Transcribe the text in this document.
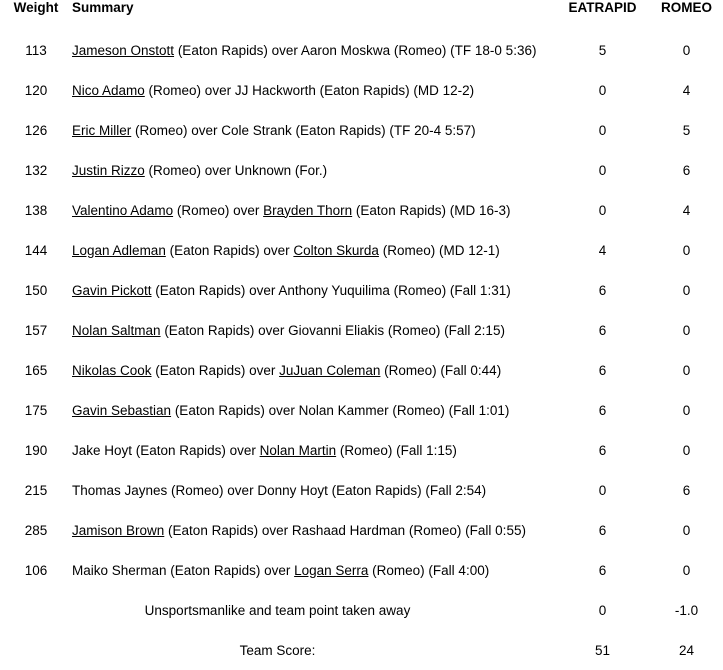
Weight	Summary	EATRAPID	ROMEO
113	Jameson Onstott (Eaton Rapids) over Aaron Moskwa (Romeo) (TF 18-0 5:36)	5	0
120	Nico Adamo (Romeo) over JJ Hackworth (Eaton Rapids) (MD 12-2)	0	4
126	Eric Miller (Romeo) over Cole Strank (Eaton Rapids) (TF 20-4 5:57)	0	5
132	Justin Rizzo (Romeo) over Unknown (For.)	0	6
138	Valentino Adamo (Romeo) over Brayden Thorn (Eaton Rapids) (MD 16-3)	0	4
144	Logan Adleman (Eaton Rapids) over Colton Skurda (Romeo) (MD 12-1)	4	0
150	Gavin Pickott (Eaton Rapids) over Anthony Yuquilima (Romeo) (Fall 1:31)	6	0
157	Nolan Saltman (Eaton Rapids) over Giovanni Eliakis (Romeo) (Fall 2:15)	6	0
165	Nikolas Cook (Eaton Rapids) over JuJuan Coleman (Romeo) (Fall 0:44)	6	0
175	Gavin Sebastian (Eaton Rapids) over Nolan Kammer (Romeo) (Fall 1:01)	6	0
190	Jake Hoyt (Eaton Rapids) over Nolan Martin (Romeo) (Fall 1:15)	6	0
215	Thomas Jaynes (Romeo) over Donny Hoyt (Eaton Rapids) (Fall 2:54)	0	6
285	Jamison Brown (Eaton Rapids) over Rashaad Hardman (Romeo) (Fall 0:55)	6	0
106	Maiko Sherman (Eaton Rapids) over Logan Serra (Romeo) (Fall 4:00)	6	0
Unsportsmanlike and team point taken away		0	-1.0
Team Score:		51	24
